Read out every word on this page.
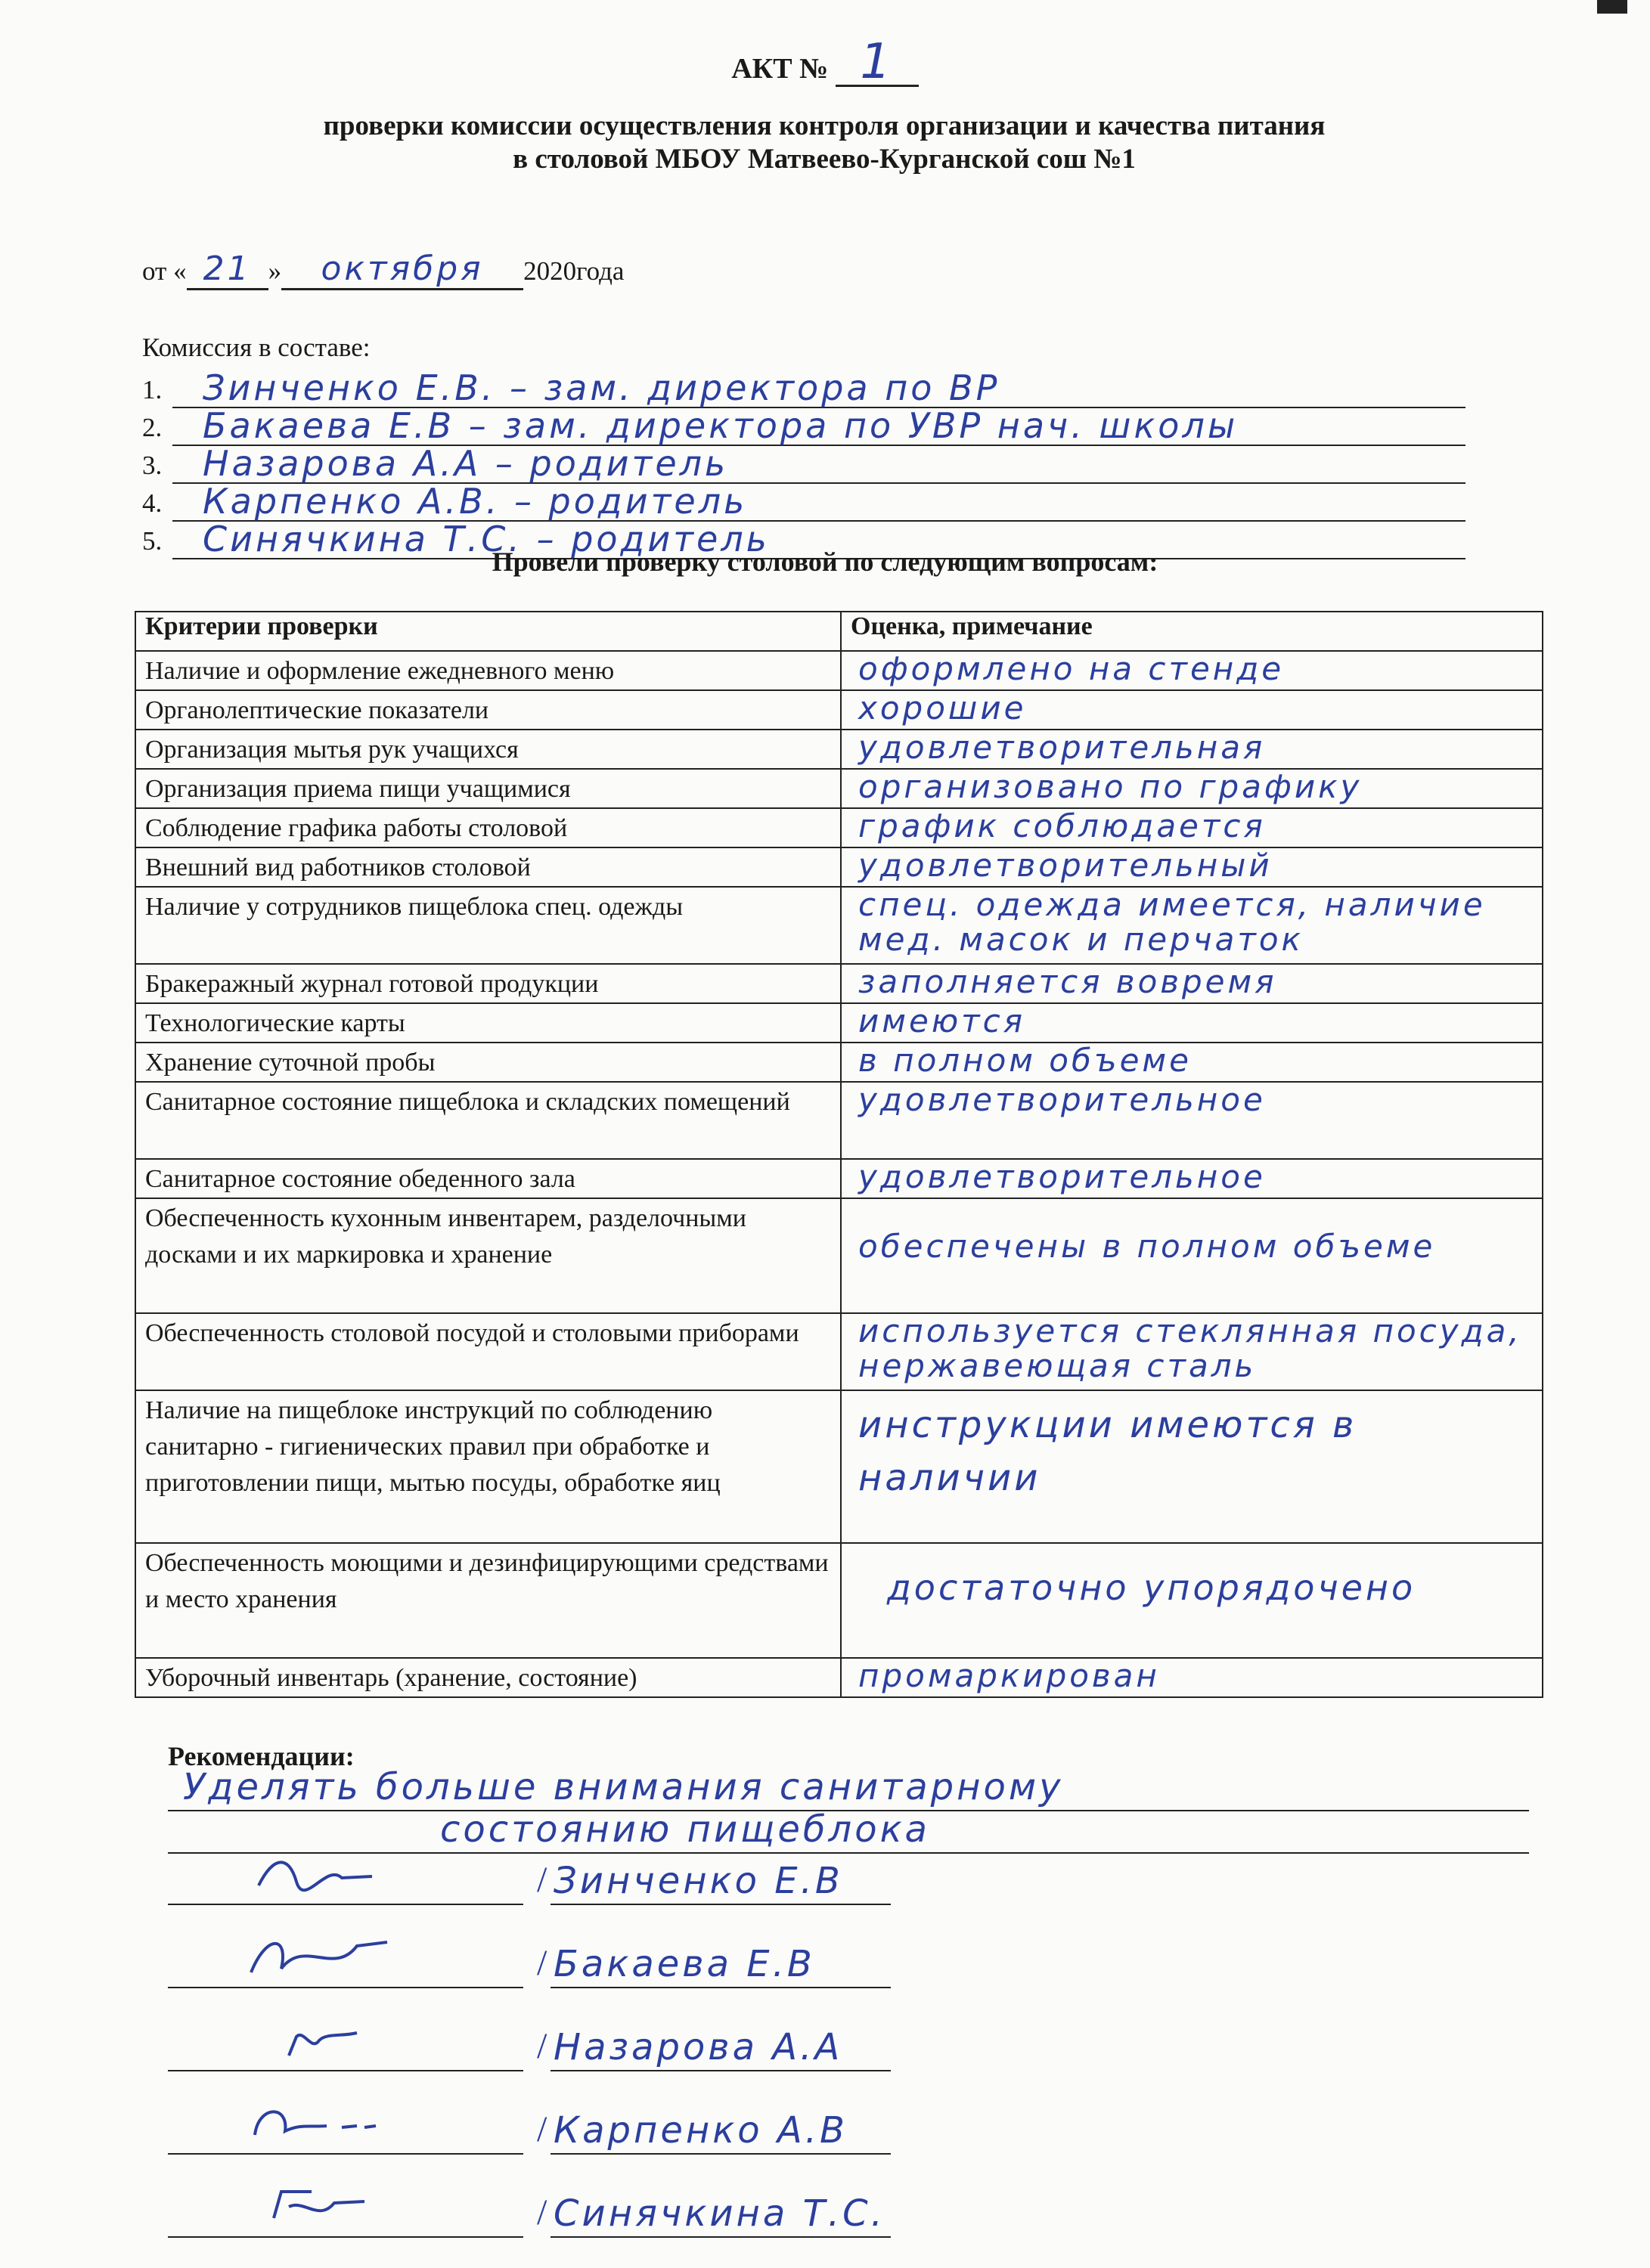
АКТ № 1
проверки комиссии осуществления контроля организации и качества питания
в столовой МБОУ Матвеево-Курганской сош №1
от « 21 » октября 2020года
Комиссия в составе:
1. Зинченко Е.В. – зам. директора по ВР
2. Бакаева Е.В – зам. директора по УВР нач. школы
3. Назарова А.А – родитель
4. Карпенко А.В. – родитель
5. Синячкина Т.С. – родитель
Провели проверку столовой по следующим вопросам:
Критерии проверки	Оценка, примечание
Наличие и оформление ежедневного меню	оформлено на стенде
Органолептические показатели	хорошие
Организация мытья рук учащихся	удовлетворительная
Организация приема пищи учащимися	организовано по графику
Соблюдение графика работы столовой	график соблюдается
Внешний вид работников столовой	удовлетворительный
Наличие у сотрудников пищеблока спец. одежды	спец. одежда имеется, наличие мед. масок и перчаток
Бракеражный журнал готовой продукции	заполняется вовремя
Технологические карты	имеются
Хранение суточной пробы	в полном объеме
Санитарное состояние пищеблока и складских помещений	удовлетворительное
Санитарное состояние обеденного зала	удовлетворительное
Обеспеченность кухонным инвентарем, разделочными досками и их маркировка и хранение	обеспечены в полном объеме
Обеспеченность столовой посудой и столовыми приборами	используется стеклянная посуда, нержавеющая сталь
Наличие на пищеблоке инструкций по соблюдению санитарно - гигиенических правил при обработке и приготовлении пищи, мытью посуды, обработке яиц	инструкции имеются в наличии
Обеспеченность моющими и дезинфицирующими средствами и место хранения	достаточно упорядочено
Уборочный инвентарь (хранение, состояние)	промаркирован
Рекомендации:
Уделять больше внимания санитарному
состоянию пищеблока
/ Зинченко Е.В
/ Бакаева Е.В
/ Назарова А.А
/ Карпенко А.В
/ Синячкина Т.С.
